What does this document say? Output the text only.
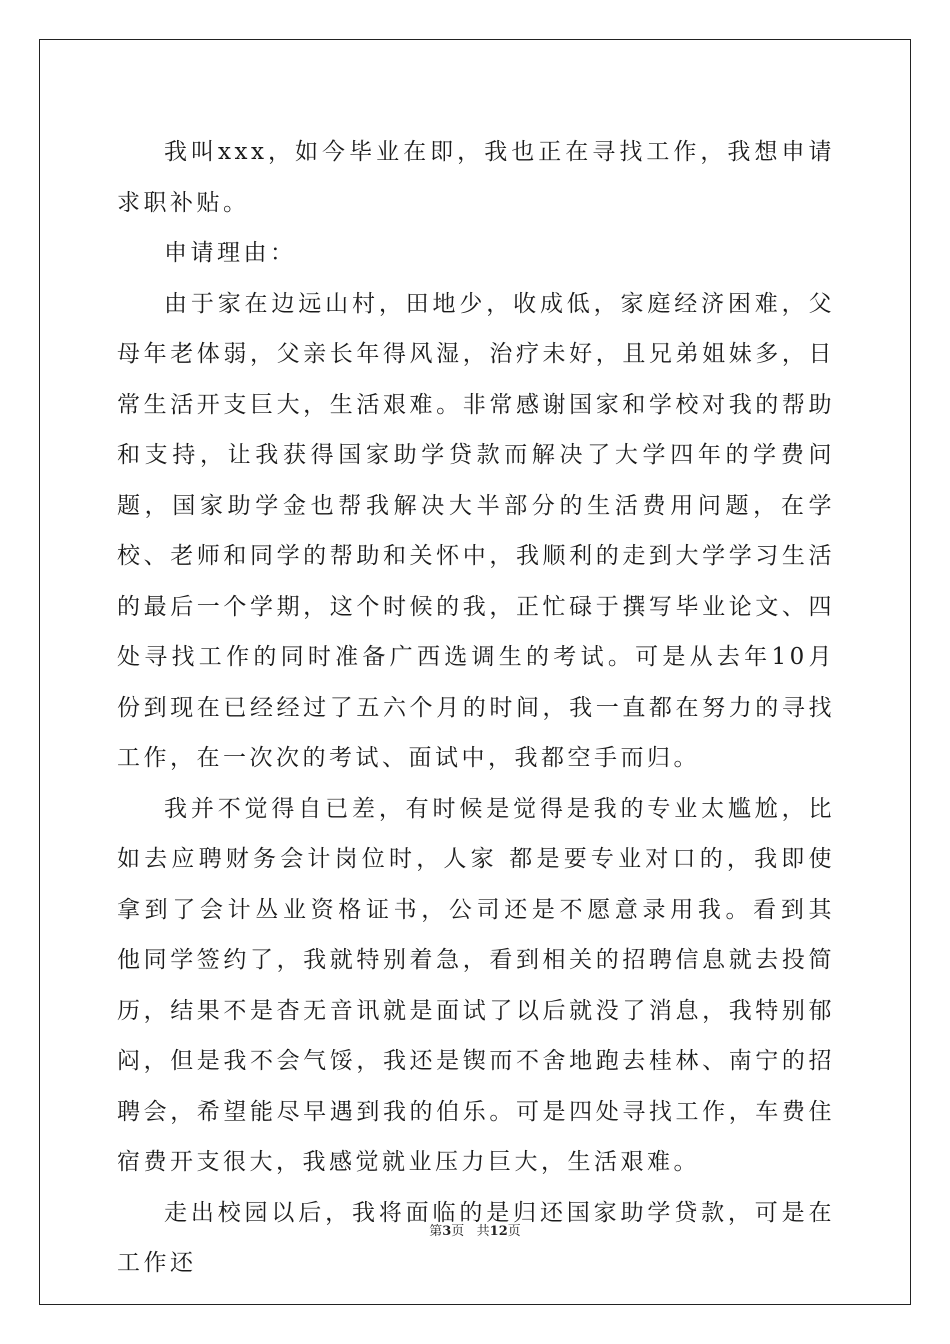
我叫xxx，如今毕业在即，我也正在寻找工作，我想申请求职补贴。

申请理由：

由于家在边远山村，田地少，收成低，家庭经济困难，父母年老体弱，父亲长年得风湿，治疗未好，且兄弟姐妹多，日常生活开支巨大，生活艰难。非常感谢国家和学校对我的帮助和支持，让我获得国家助学贷款而解决了大学四年的学费问题，国家助学金也帮我解决大半部分的生活费用问题，在学校、老师和同学的帮助和关怀中，我顺利的走到大学学习生活的最后一个学期，这个时候的我，正忙碌于撰写毕业论文、四处寻找工作的同时准备广西选调生的考试。可是从去年10月份到现在已经经过了五六个月的时间，我一直都在努力的寻找工作，在一次次的考试、面试中，我都空手而归。

我并不觉得自已差，有时候是觉得是我的专业太尴尬，比如去应聘财务会计岗位时，人家 都是要专业对口的，我即使拿到了会计丛业资格证书，公司还是不愿意录用我。看到其 他同学签约了，我就特别着急，看到相关的招聘信息就去投简历，结果不是杳无音讯就是面试了以后就没了消息，我特别郁闷，但是我不会气馁，我还是锲而不舍地跑去桂林、南宁的招聘会，希望能尽早遇到我的伯乐。可是四处寻找工作，车费住宿费开支很大，我感觉就业压力巨大，生活艰难。

走出校园以后，我将面临的是归还国家助学贷款，可是在工作还

第3页   共12页
